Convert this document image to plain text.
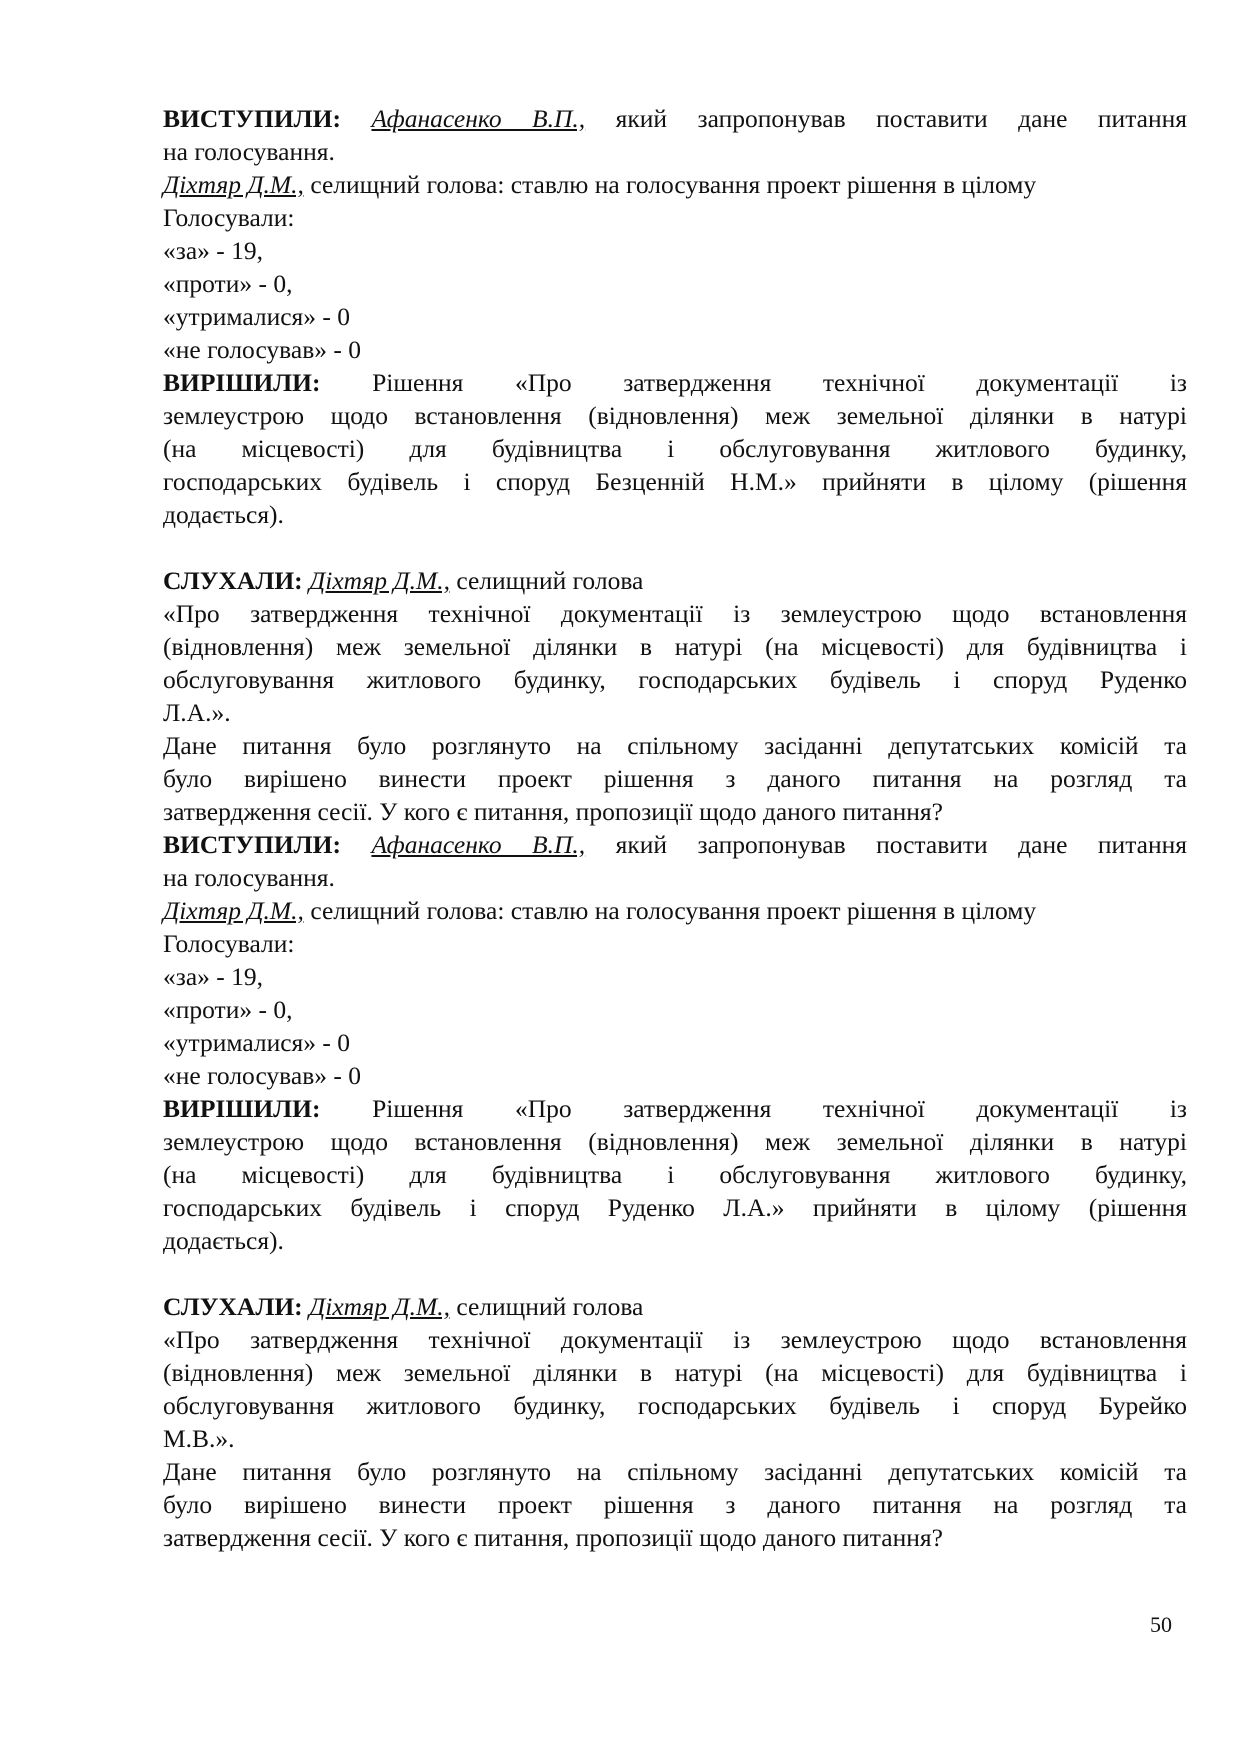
ВИСТУПИЛИ: Афанасенко В.П., який запропонував поставити дане питання
на голосування.
Діхтяр Д.М., селищний голова: ставлю на голосування проект рішення в цілому
Голосували:
«за» - 19,
«проти» - 0,
«утрималися» - 0
«не голосував» - 0
ВИРІШИЛИ: Рішення «Про затвердження технічної документації із
землеустрою щодо встановлення (відновлення) меж земельної ділянки в натурі
(на місцевості) для будівництва і обслуговування житлового будинку,
господарських будівель і споруд Безценній Н.М.» прийняти в цілому (рішення
додається).
СЛУХАЛИ: Діхтяр Д.М., селищний голова
«Про затвердження технічної документації із землеустрою щодо встановлення
(відновлення) меж земельної ділянки в натурі (на місцевості) для будівництва і
обслуговування житлового будинку, господарських будівель і споруд Руденко
Л.А.».
Дане питання було розглянуто на спільному засіданні депутатських комісій та
було вирішено винести проект рішення з даного питання на розгляд та
затвердження сесії. У кого є питання, пропозиції щодо даного питання?
ВИСТУПИЛИ: Афанасенко В.П., який запропонував поставити дане питання
на голосування.
Діхтяр Д.М., селищний голова: ставлю на голосування проект рішення в цілому
Голосували:
«за» - 19,
«проти» - 0,
«утрималися» - 0
«не голосував» - 0
ВИРІШИЛИ: Рішення «Про затвердження технічної документації із
землеустрою щодо встановлення (відновлення) меж земельної ділянки в натурі
(на місцевості) для будівництва і обслуговування житлового будинку,
господарських будівель і споруд Руденко Л.А.» прийняти в цілому (рішення
додається).
СЛУХАЛИ: Діхтяр Д.М., селищний голова
«Про затвердження технічної документації із землеустрою щодо встановлення
(відновлення) меж земельної ділянки в натурі (на місцевості) для будівництва і
обслуговування житлового будинку, господарських будівель і споруд Бурейко
М.В.».
Дане питання було розглянуто на спільному засіданні депутатських комісій та
було вирішено винести проект рішення з даного питання на розгляд та
затвердження сесії. У кого є питання, пропозиції щодо даного питання?
50
